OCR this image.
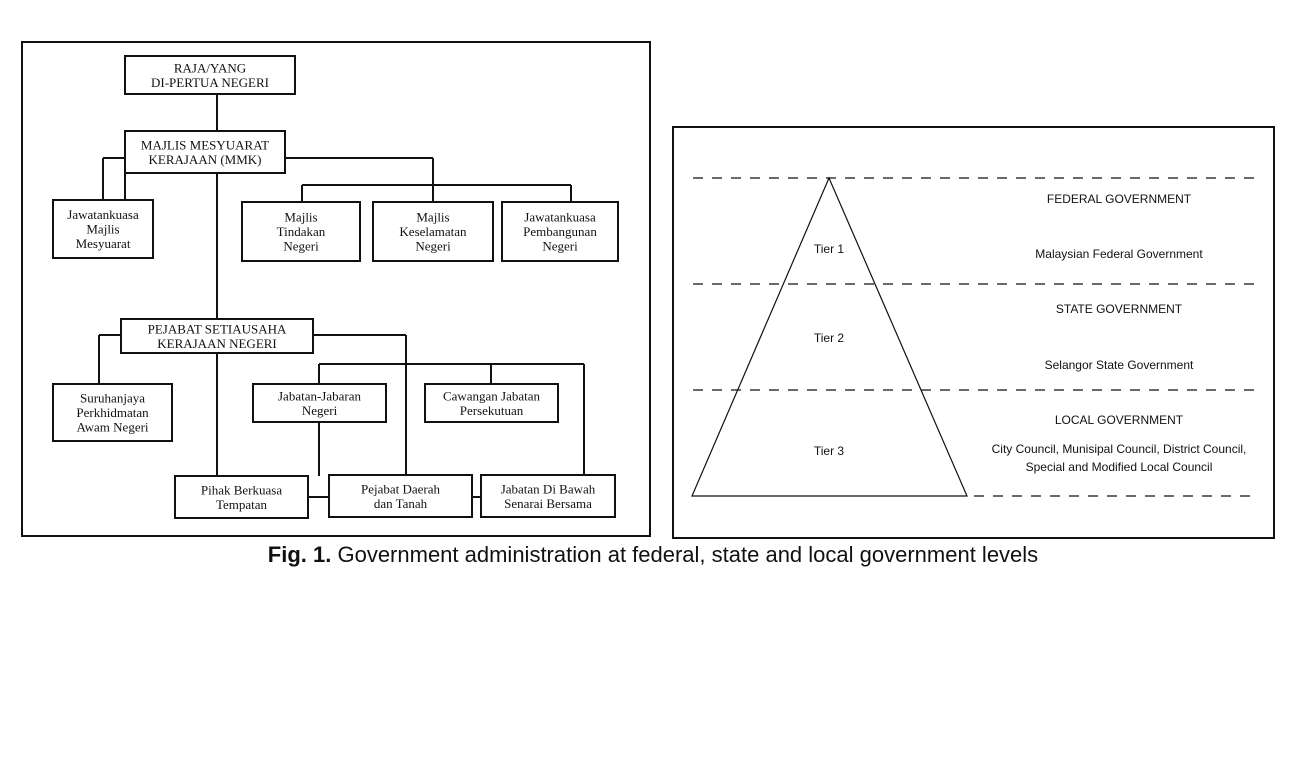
RAJA/YANG
DI-PERTUA NEGERI
MAJLIS MESYUARAT
KERAJAAN (MMK)
Jawatankuasa
Majlis
Mesyuarat
Majlis
Tindakan
Negeri
Majlis
Keselamatan
Negeri
Jawatankuasa
Pembangunan
Negeri
PEJABAT SETIAUSAHA
KERAJAAN NEGERI
Suruhanjaya
Perkhidmatan
Awam Negeri
Jabatan-Jabaran
Negeri
Cawangan Jabatan
Persekutuan
Pihak Berkuasa
Tempatan
Pejabat Daerah
dan Tanah
Jabatan Di Bawah
Senarai Bersama
Tier 1
FEDERAL GOVERNMENT
Malaysian Federal Government
Tier 2
STATE GOVERNMENT
Selangor State Government
Tier 3
LOCAL GOVERNMENT
City Council, Munisipal Council, District Council,
Special and Modified Local Council
Fig. 1. Government administration at federal, state and local government levels
